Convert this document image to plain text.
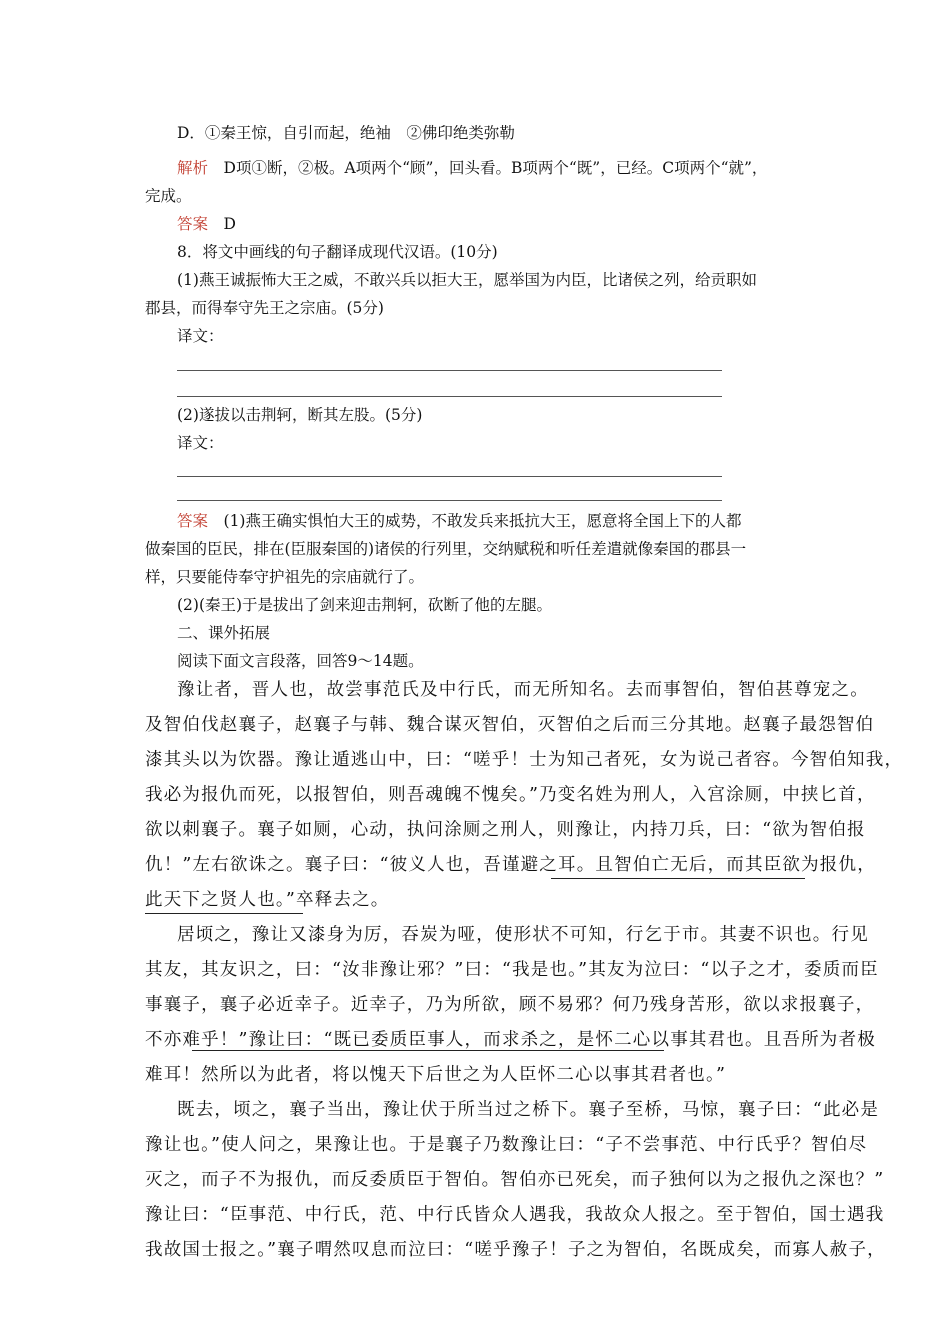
D．①秦王惊，自引而起，绝袖　②佛印绝类弥勒
解析　D项①断，②极。A项两个“顾”，回头看。B项两个“既”，已经。C项两个“就”，
完成。
答案　D
8．将文中画线的句子翻译成现代汉语。(10分)
(1)燕王诚振怖大王之威，不敢兴兵以拒大王，愿举国为内臣，比诸侯之列，给贡职如
郡县，而得奉守先王之宗庙。(5分)
译文：
(2)遂拔以击荆轲，断其左股。(5分)
译文：
答案　(1)燕王确实惧怕大王的威势，不敢发兵来抵抗大王，愿意将全国上下的人都
做秦国的臣民，排在(臣服秦国的)诸侯的行列里，交纳赋税和听任差遣就像秦国的郡县一
样，只要能侍奉守护祖先的宗庙就行了。
(2)(秦王)于是拔出了剑来迎击荆轲，砍断了他的左腿。
二、课外拓展
阅读下面文言段落，回答9～14题。
豫让者，晋人也，故尝事范氏及中行氏，而无所知名。去而事智伯，智伯甚尊宠之。
及智伯伐赵襄子，赵襄子与韩、魏合谋灭智伯，灭智伯之后而三分其地。赵襄子最怨智伯
漆其头以为饮器。豫让遁逃山中，曰：“嗟乎！士为知己者死，女为说己者容。今智伯知我，
我必为报仇而死，以报智伯，则吾魂魄不愧矣。”乃变名姓为刑人，入宫涂厕，中挟匕首，
欲以刺襄子。襄子如厕，心动，执问涂厕之刑人，则豫让，内持刀兵，曰：“欲为智伯报
仇！”左右欲诛之。襄子曰：“彼义人也，吾谨避之耳。且智伯亡无后，而其臣欲为报仇，
此天下之贤人也。”卒释去之。
居顷之，豫让又漆身为厉，吞炭为哑，使形状不可知，行乞于市。其妻不识也。行见
其友，其友识之，曰：“汝非豫让邪？”曰：“我是也。”其友为泣曰：“以子之才，委质而臣
事襄子，襄子必近幸子。近幸子，乃为所欲，顾不易邪？何乃残身苦形，欲以求报襄子，
不亦难乎！”豫让曰：“既已委质臣事人，而求杀之，是怀二心以事其君也。且吾所为者极
难耳！然所以为此者，将以愧天下后世之为人臣怀二心以事其君者也。”
既去，顷之，襄子当出，豫让伏于所当过之桥下。襄子至桥，马惊，襄子曰：“此必是
豫让也。”使人问之，果豫让也。于是襄子乃数豫让曰：“子不尝事范、中行氏乎？智伯尽
灭之，而子不为报仇，而反委质臣于智伯。智伯亦已死矣，而子独何以为之报仇之深也？”
豫让曰：“臣事范、中行氏，范、中行氏皆众人遇我，我故众人报之。至于智伯，国士遇我
我故国士报之。”襄子喟然叹息而泣曰：“嗟乎豫子！子之为智伯，名既成矣，而寡人赦子，
